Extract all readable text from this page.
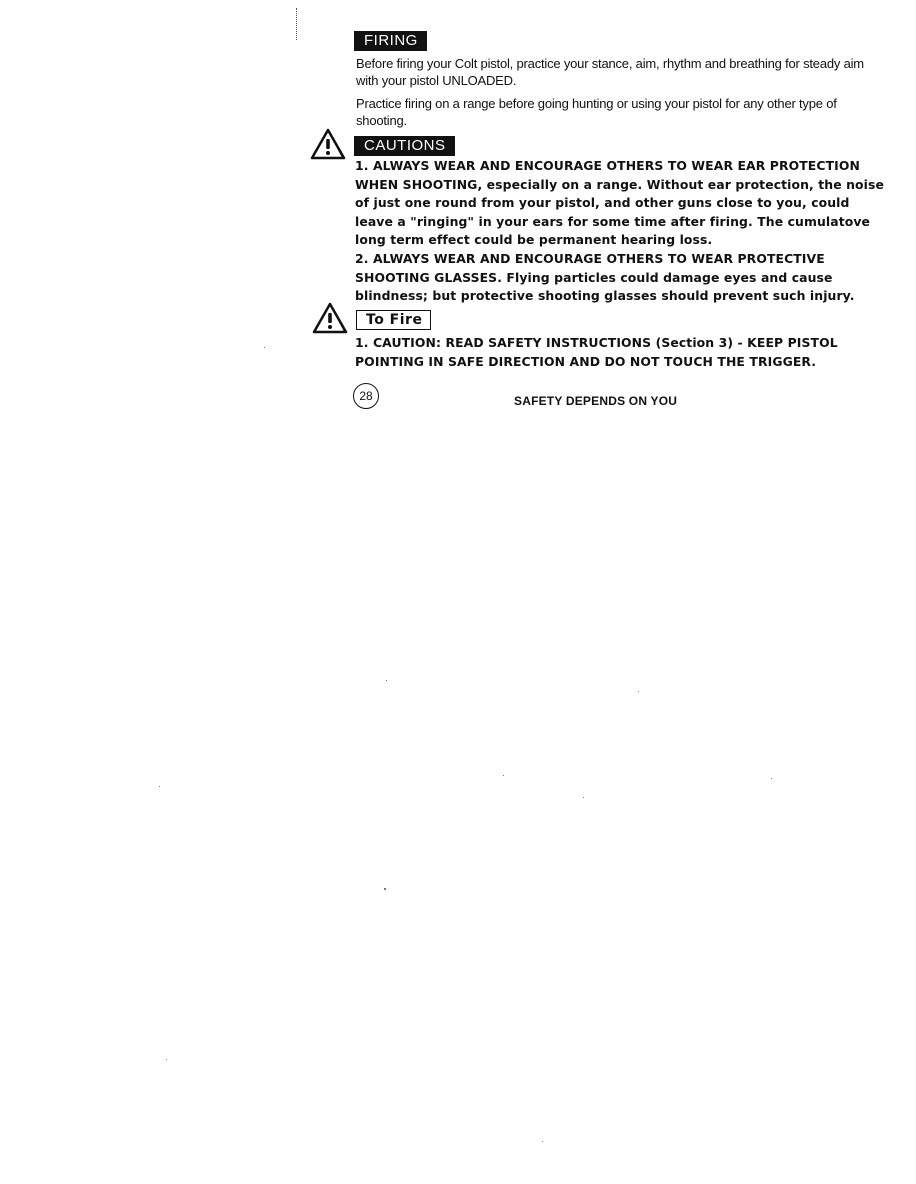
FIRING
Before firing your Colt pistol, practice your stance, aim, rhythm and breathing for steady aim with your pistol UNLOADED.
Practice firing on a range before going hunting or using your pistol for any other type of shooting.
CAUTIONS
1. ALWAYS WEAR AND ENCOURAGE OTHERS TO WEAR EAR PROTECTION WHEN SHOOTING, especially on a range. Without ear protection, the noise of just one round from your pistol, and other guns close to you, could leave a "ringing" in your ears for some time after firing. The cumulatove long term effect could be permanent hearing loss.
2. ALWAYS WEAR AND ENCOURAGE OTHERS TO WEAR PROTECTIVE SHOOTING GLASSES. Flying particles could damage eyes and cause blindness; but protective shooting glasses should prevent such injury.
To Fire
1. CAUTION: READ SAFETY INSTRUCTIONS (Section 3) - KEEP PISTOL POINTING IN SAFE DIRECTION AND DO NOT TOUCH THE TRIGGER.
28	SAFETY DEPENDS ON YOU
